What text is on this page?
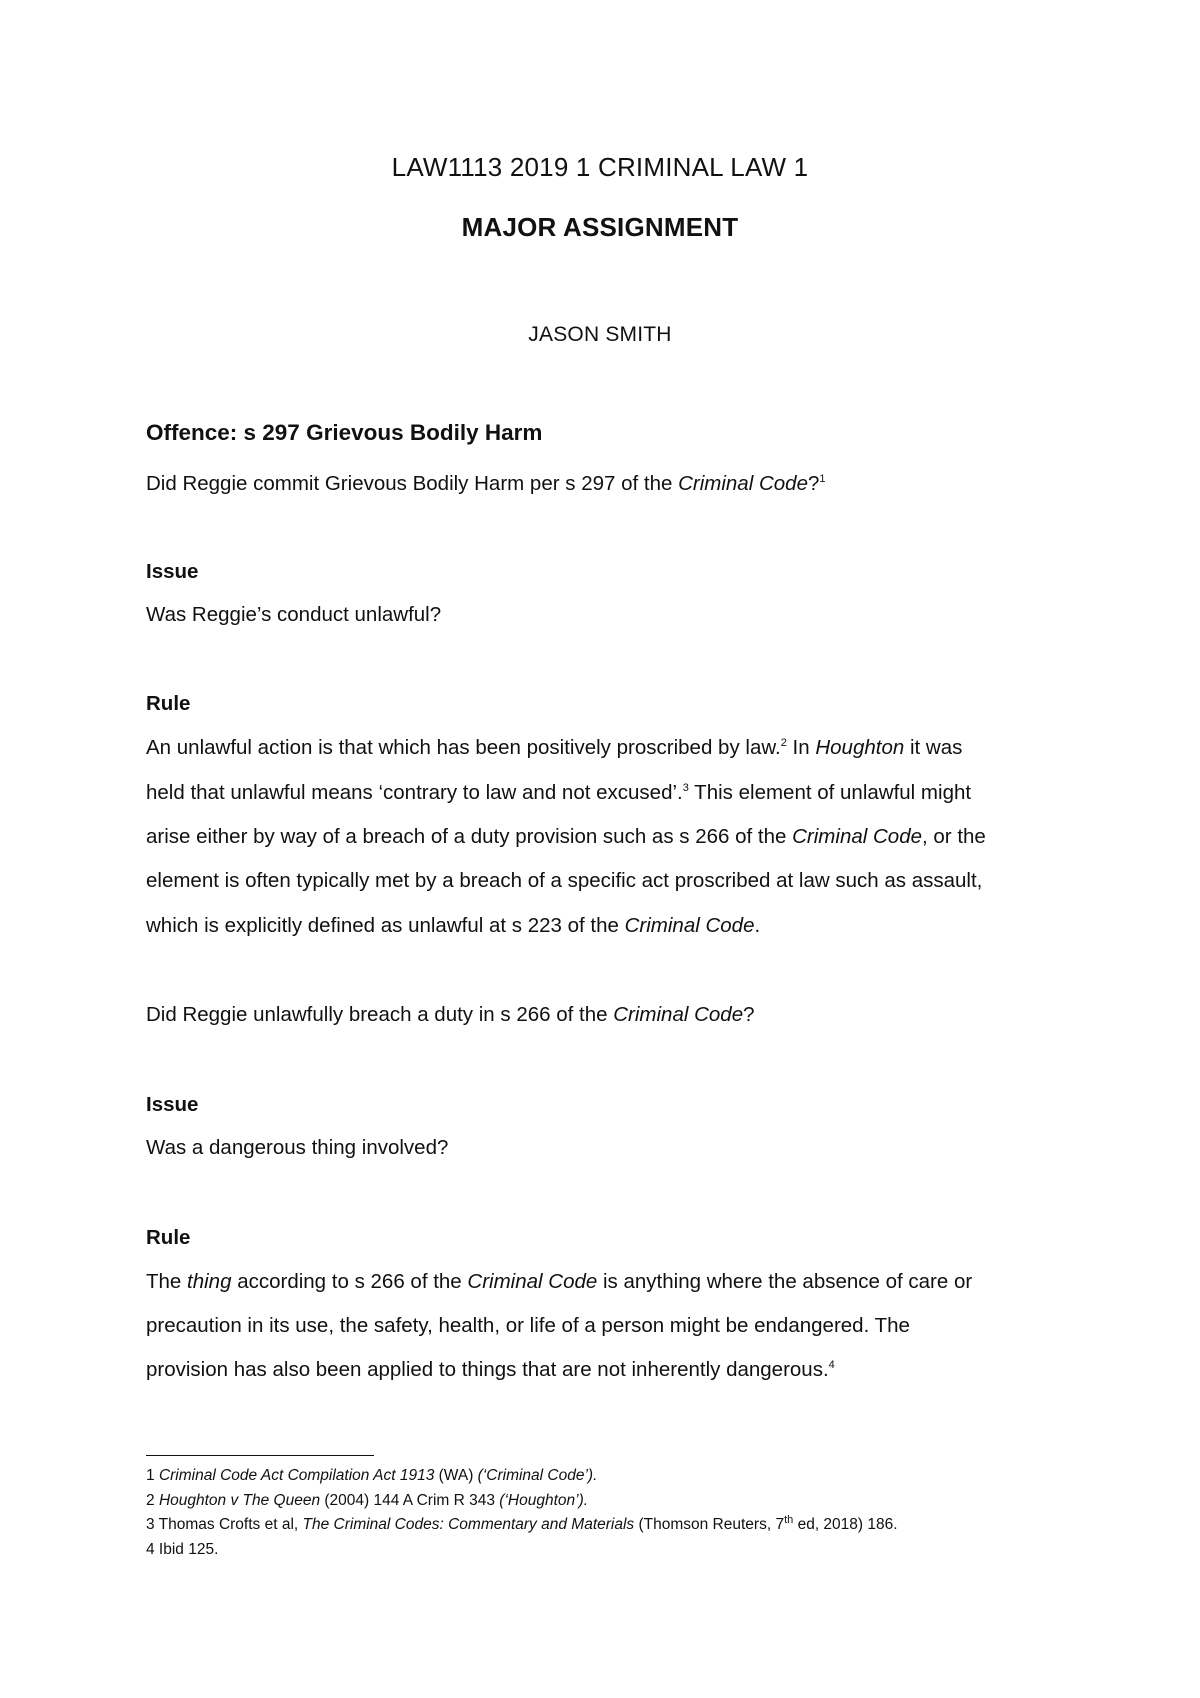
LAW1113 2019 1 CRIMINAL LAW 1
MAJOR ASSIGNMENT
JASON SMITH
Offence: s 297 Grievous Bodily Harm
Did Reggie commit Grievous Bodily Harm per s 297 of the Criminal Code?$^1$
Issue
Was Reggie’s conduct unlawful?
Rule
An unlawful action is that which has been positively proscribed by law.$^2$ In Houghton it was
held that unlawful means ‘contrary to law and not excused’.$^3$ This element of unlawful might
arise either by way of a breach of a duty provision such as s 266 of the Criminal Code, or the
element is often typically met by a breach of a specific act proscribed at law such as assault,
which is explicitly defined as unlawful at s 223 of the Criminal Code.
Did Reggie unlawfully breach a duty in s 266 of the Criminal Code?
Issue
Was a dangerous thing involved?
Rule
The thing according to s 266 of the Criminal Code is anything where the absence of care or
precaution in its use, the safety, health, or life of a person might be endangered. The
provision has also been applied to things that are not inherently dangerous.$^4$
1 Criminal Code Act Compilation Act 1913 (WA) (‘Criminal Code’).
2 Houghton v The Queen (2004) 144 A Crim R 343 (‘Houghton’).
3 Thomas Crofts et al, The Criminal Codes: Commentary and Materials (Thomson Reuters, 7th ed, 2018) 186.
4 Ibid 125.
